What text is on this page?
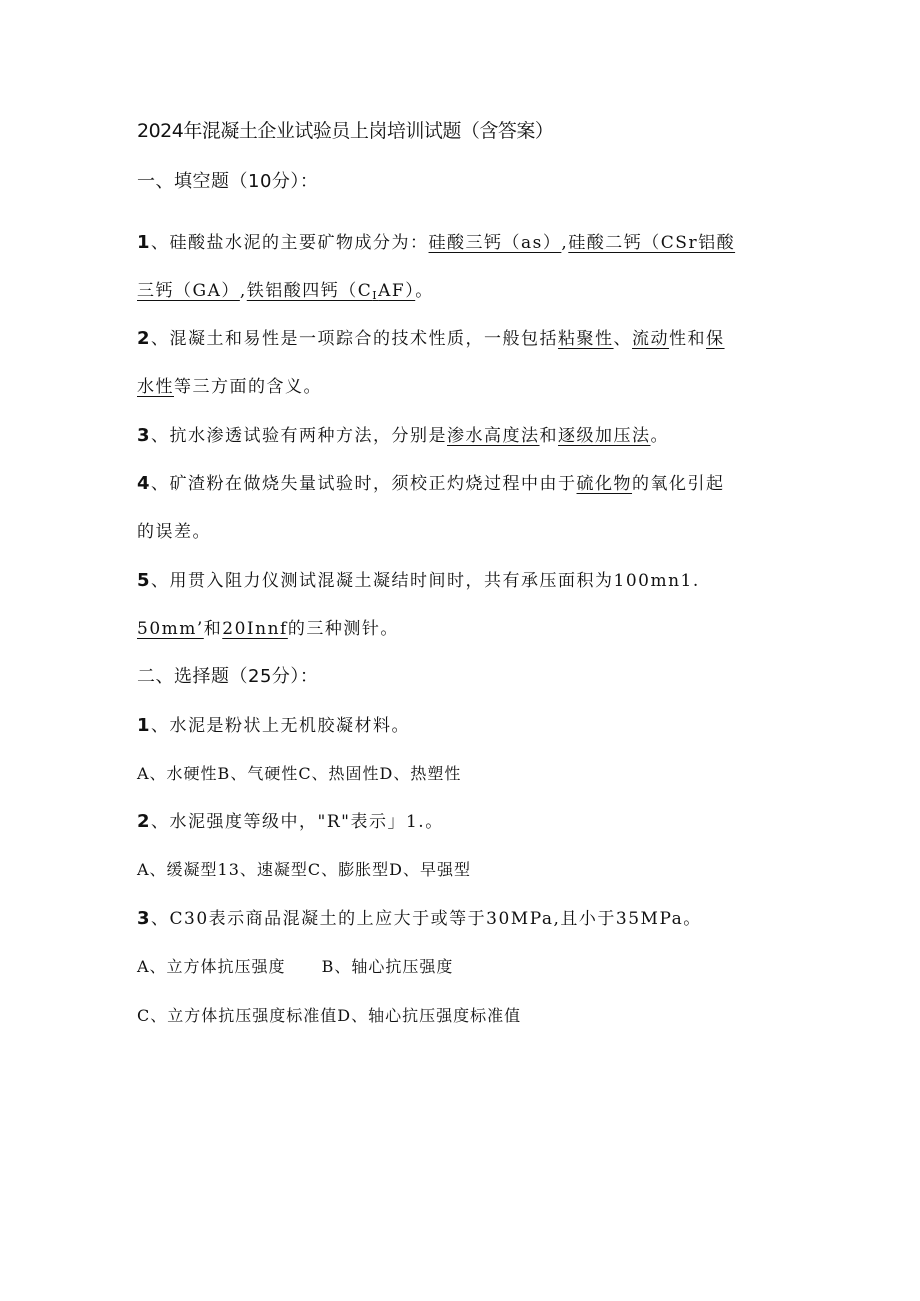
2024年混凝土企业试验员上岗培训试题（含答案）
一、填空题（10分）：
1、硅酸盐水泥的主要矿物成分为：硅酸三钙（as）,硅酸二钙（CSr铝酸
三钙（GA）,铁铝酸四钙$(C_IAF)$。
2、混凝土和易性是一项踪合的技术性质，一般包括粘聚性、流动性和保
水性等三方面的含义。
3、抗水渗透试验有两种方法，分别是渗水高度法和逐级加压法。
4、矿渣粉在做烧失量试验时，须校正灼烧过程中由于硫化物的氧化引起
的误差。
5、用贯入阻力仪测试混凝土凝结时间时，共有承压面积为100mn1.
50mm’和20Innf的三种测针。
二、选择题（25分）：
1、水泥是粉状上无机胶凝材料。
A、水硬性B、气硬性C、热固性D、热塑性
2、水泥强度等级中，"R"表示」1.。
A、缓凝型13、速凝型C、膨胀型D、早强型
3、C30表示商品混凝土的上应大于或等于30MPa,且小于35MPa。
A、立方体抗压强度 B、轴心抗压强度
C、立方体抗压强度标准值D、轴心抗压强度标准值
